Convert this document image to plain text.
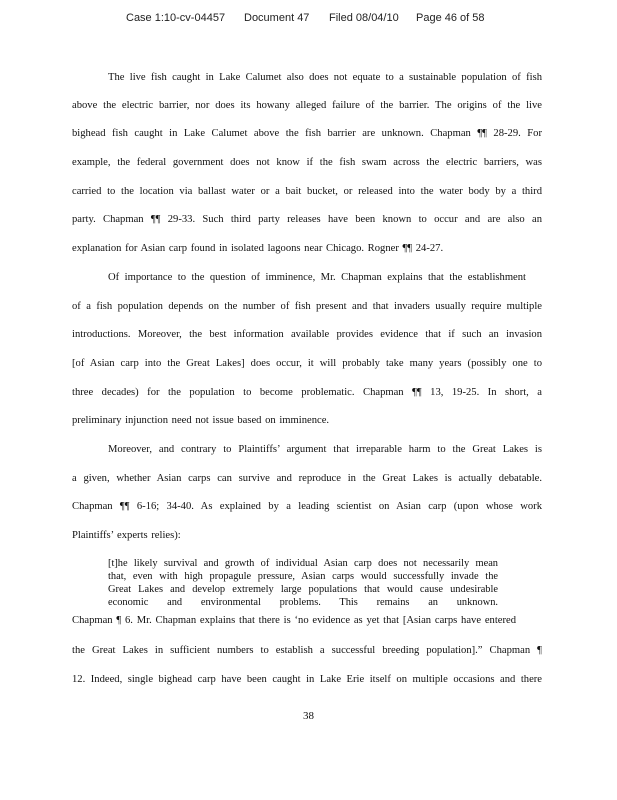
Case 1:10-cv-04457 Document 47 Filed 08/04/10 Page 46 of 58
The live fish caught in Lake Calumet also does not equate to a sustainable population of fish
above the electric barrier, nor does its howany alleged failure of the barrier. The origins of the live
bighead fish caught in Lake Calumet above the fish barrier are unknown. Chapman ¶¶ 28-29. For
example, the federal government does not know if the fish swam across the electric barriers, was
carried to the location via ballast water or a bait bucket, or released into the water body by a third
party. Chapman ¶¶ 29-33. Such third party releases have been known to occur and are also an
explanation for Asian carp found in isolated lagoons near Chicago. Rogner ¶¶ 24-27.
Of importance to the question of imminence, Mr. Chapman explains that the establishment
of a fish population depends on the number of fish present and that invaders usually require multiple
introductions. Moreover, the best information available provides evidence that if such an invasion
[of Asian carp into the Great Lakes] does occur, it will probably take many years (possibly one to
three decades) for the population to become problematic. Chapman ¶¶ 13, 19-25. In short, a
preliminary injunction need not issue based on imminence.
Moreover, and contrary to Plaintiffs’ argument that irreparable harm to the Great Lakes is
a given, whether Asian carps can survive and reproduce in the Great Lakes is actually debatable.
Chapman ¶¶ 6-16; 34-40. As explained by a leading scientist on Asian carp (upon whose work
Plaintiffs’ experts relies):
[t]he likely survival and growth of individual Asian carp does not necessarily mean
that, even with high propagule pressure, Asian carps would successfully invade the
Great Lakes and develop extremely large populations that would cause undesirable
economic and environmental problems. This remains an unknown.
Chapman ¶ 6. Mr. Chapman explains that there is ‘no evidence as yet that [Asian carps have entered
the Great Lakes in sufficient numbers to establish a successful breeding population].” Chapman ¶
12. Indeed, single bighead carp have been caught in Lake Erie itself on multiple occasions and there
38
